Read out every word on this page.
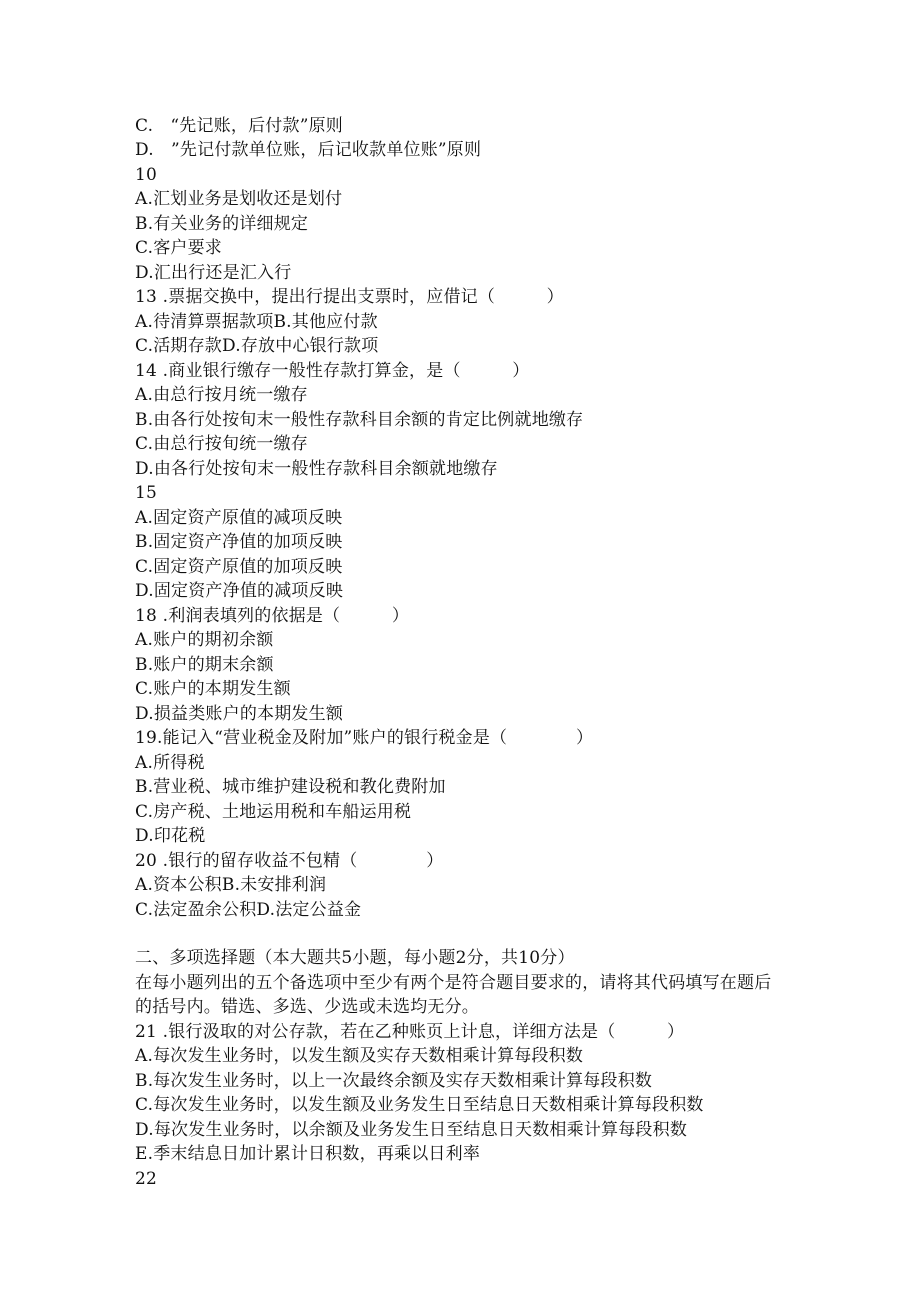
C.　“先记账，后付款”原则
D.　”先记付款单位账，后记收款单位账”原则
10
A.汇划业务是划收还是划付
B.有关业务的详细规定
C.客户要求
D.汇出行还是汇入行
13 .票据交换中，提出行提出支票时，应借记（　　　）
A.待清算票据款项B.其他应付款
C.活期存款D.存放中心银行款项
14 .商业银行缴存一般性存款打算金，是（　　　）
A.由总行按月统一缴存
B.由各行处按旬末一般性存款科目余额的肯定比例就地缴存
C.由总行按旬统一缴存
D.由各行处按旬末一般性存款科目余额就地缴存
15
A.固定资产原值的减项反映
B.固定资产净值的加项反映
C.固定资产原值的加项反映
D.固定资产净值的减项反映
18 .利润表填列的依据是（　　　）
A.账户的期初余额
B.账户的期末余额
C.账户的本期发生额
D.损益类账户的本期发生额
19.能记入“营业税金及附加”账户的银行税金是（　　　　）
A.所得税
B.营业税、城市维护建设税和教化费附加
C.房产税、土地运用税和车船运用税
D.印花税
20 .银行的留存收益不包精（　　　　）
A.资本公积B.未安排利润
C.法定盈余公积D.法定公益金
二、多项选择题（本大题共5小题，每小题2分，共10分）
在每小题列出的五个备选项中至少有两个是符合题目要求的，请将其代码填写在题后
的括号内。错选、多选、少选或未选均无分。
21 .银行汲取的对公存款，若在乙种账页上计息，详细方法是（　　　）
A.每次发生业务时，以发生额及实存天数相乘计算每段积数
B.每次发生业务时，以上一次最终余额及实存天数相乘计算每段积数
C.每次发生业务时，以发生额及业务发生日至结息日天数相乘计算每段积数
D.每次发生业务时，以余额及业务发生日至结息日天数相乘计算每段积数
E.季末结息日加计累计日积数，再乘以日利率
22
